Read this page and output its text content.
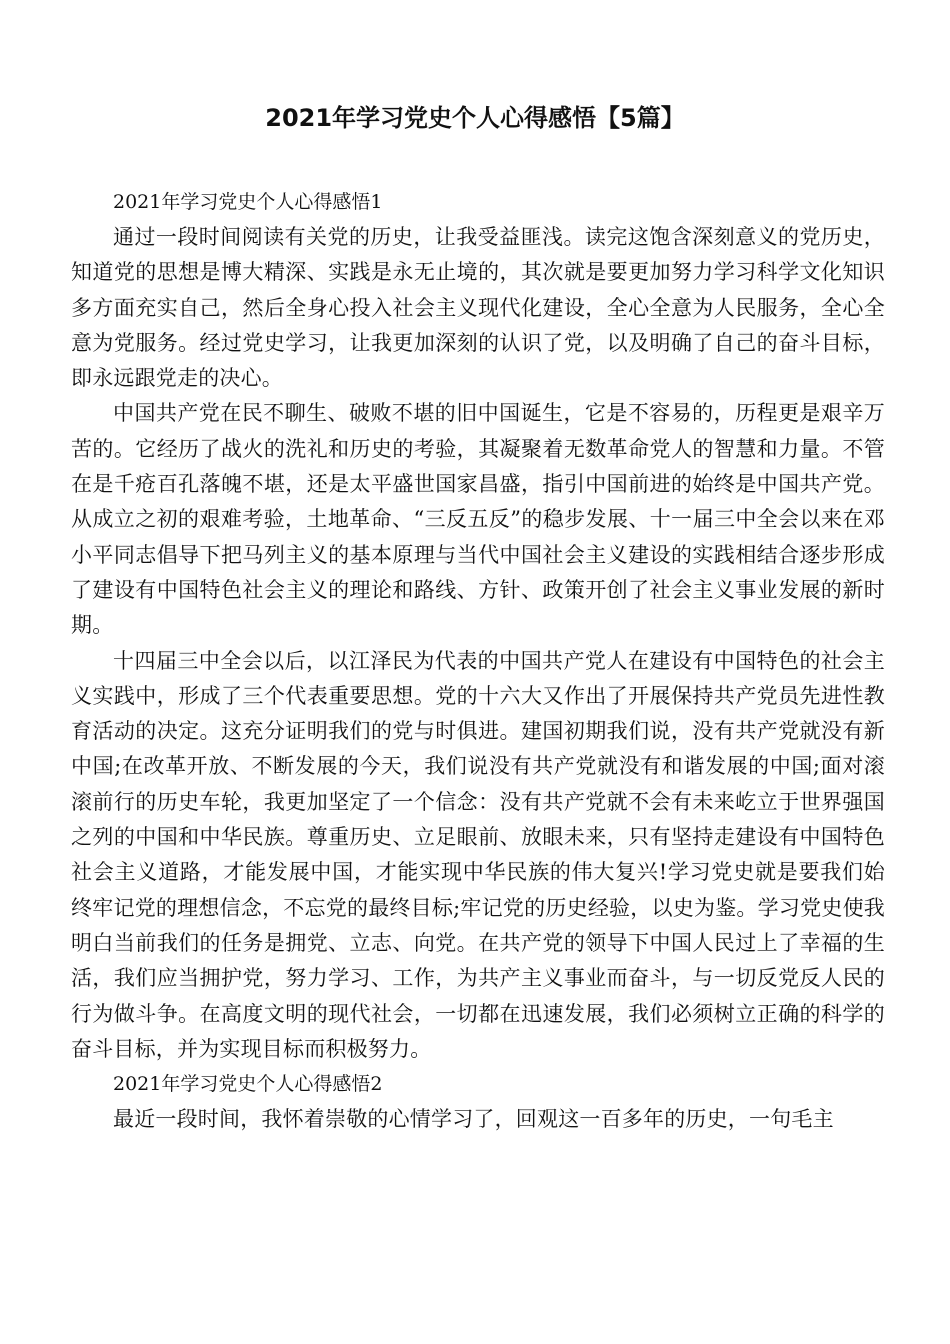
2021年学习党史个人心得感悟【5篇】

2021年学习党史个人心得感悟1

通过一段时间阅读有关党的历史，让我受益匪浅。读完这饱含深刻意义的党历史，知道党的思想是博大精深、实践是永无止境的，其次就是要更加努力学习科学文化知识多方面充实自己，然后全身心投入社会主义现代化建设，全心全意为人民服务，全心全意为党服务。经过党史学习，让我更加深刻的认识了党，以及明确了自己的奋斗目标，即永远跟党走的决心。

中国共产党在民不聊生、破败不堪的旧中国诞生，它是不容易的，历程更是艰辛万苦的。它经历了战火的洗礼和历史的考验，其凝聚着无数革命党人的智慧和力量。不管在是千疮百孔落魄不堪，还是太平盛世国家昌盛，指引中国前进的始终是中国共产党。从成立之初的艰难考验，土地革命、“三反五反”的稳步发展、十一届三中全会以来在邓小平同志倡导下把马列主义的基本原理与当代中国社会主义建设的实践相结合逐步形成了建设有中国特色社会主义的理论和路线、方针、政策开创了社会主义事业发展的新时期。

十四届三中全会以后，以江泽民为代表的中国共产党人在建设有中国特色的社会主义实践中，形成了三个代表重要思想。党的十六大又作出了开展保持共产党员先进性教育活动的决定。这充分证明我们的党与时俱进。建国初期我们说，没有共产党就没有新中国;在改革开放、不断发展的今天，我们说没有共产党就没有和谐发展的中国;面对滚滚前行的历史车轮，我更加坚定了一个信念：没有共产党就不会有未来屹立于世界强国之列的中国和中华民族。尊重历史、立足眼前、放眼未来，只有坚持走建设有中国特色社会主义道路，才能发展中国，才能实现中华民族的伟大复兴!学习党史就是要我们始终牢记党的理想信念，不忘党的最终目标;牢记党的历史经验，以史为鉴。学习党史使我明白当前我们的任务是拥党、立志、向党。在共产党的领导下中国人民过上了幸福的生活，我们应当拥护党，努力学习、工作，为共产主义事业而奋斗，与一切反党反人民的行为做斗争。在高度文明的现代社会，一切都在迅速发展，我们必须树立正确的科学的奋斗目标，并为实现目标而积极努力。

2021年学习党史个人心得感悟2

最近一段时间，我怀着崇敬的心情学习了，回观这一百多年的历史，一句毛主
